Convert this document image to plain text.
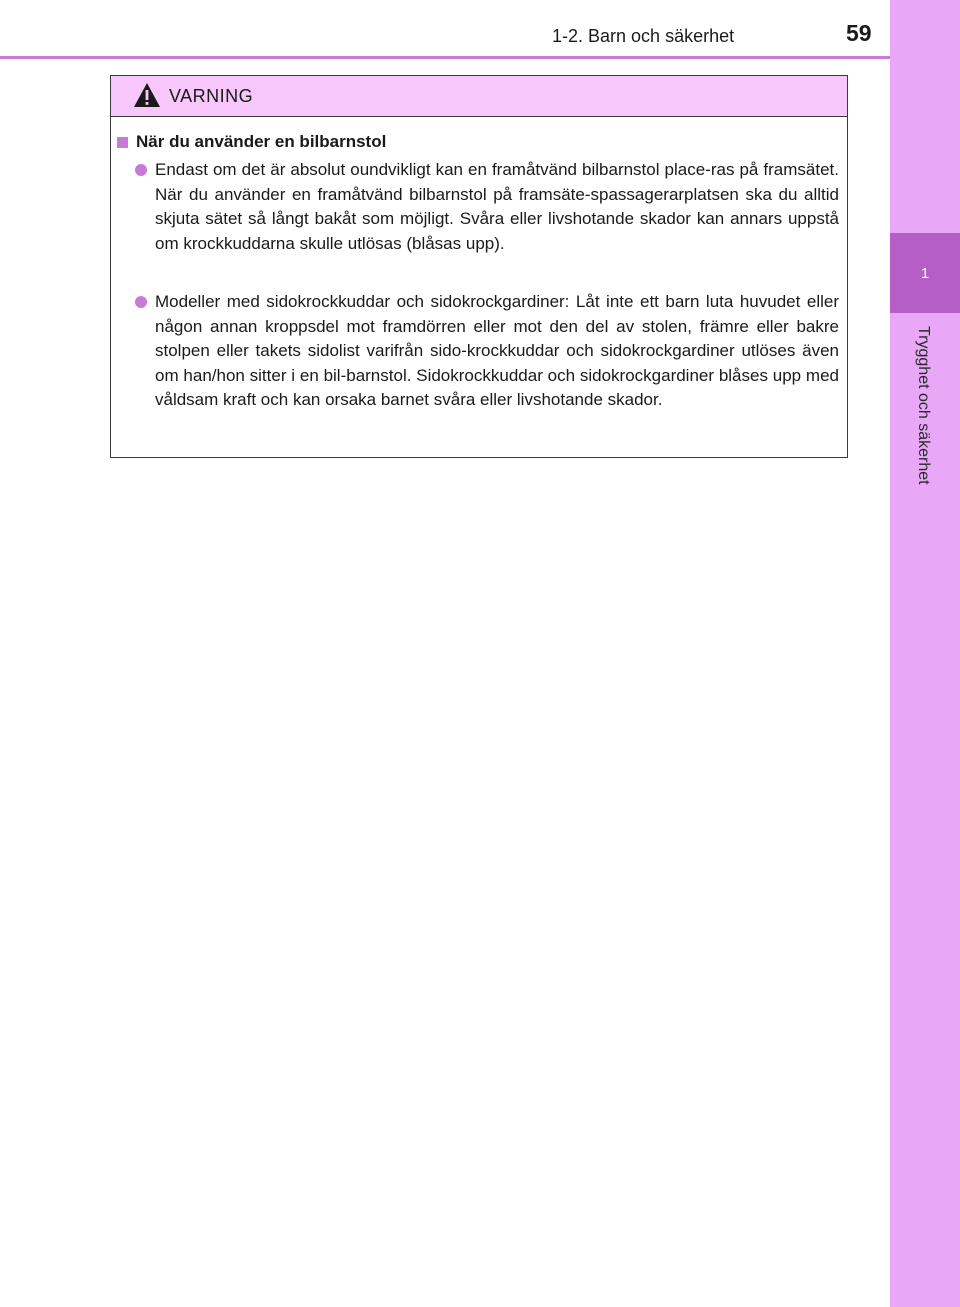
1-2. Barn och säkerhet	59
1
Trygghet och säkerhet
VARNING
När du använder en bilbarnstol
Endast om det är absolut oundvikligt kan en framåtvänd bilbarnstol place-ras på framsätet. När du använder en framåtvänd bilbarnstol på framsäte-spassagerarplatsen ska du alltid skjuta sätet så långt bakåt som möjligt. Svåra eller livshotande skador kan annars uppstå om krockkuddarna skulle utlösas (blåsas upp).
Modeller med sidokrockkuddar och sidokrockgardiner: Låt inte ett barn luta huvudet eller någon annan kroppsdel mot framdörren eller mot den del av stolen, främre eller bakre stolpen eller takets sidolist varifrån sido-krockkuddar och sidokrockgardiner utlöses även om han/hon sitter i en bil-barnstol. Sidokrockkuddar och sidokrockgardiner blåses upp med våldsam kraft och kan orsaka barnet svåra eller livshotande skador.
